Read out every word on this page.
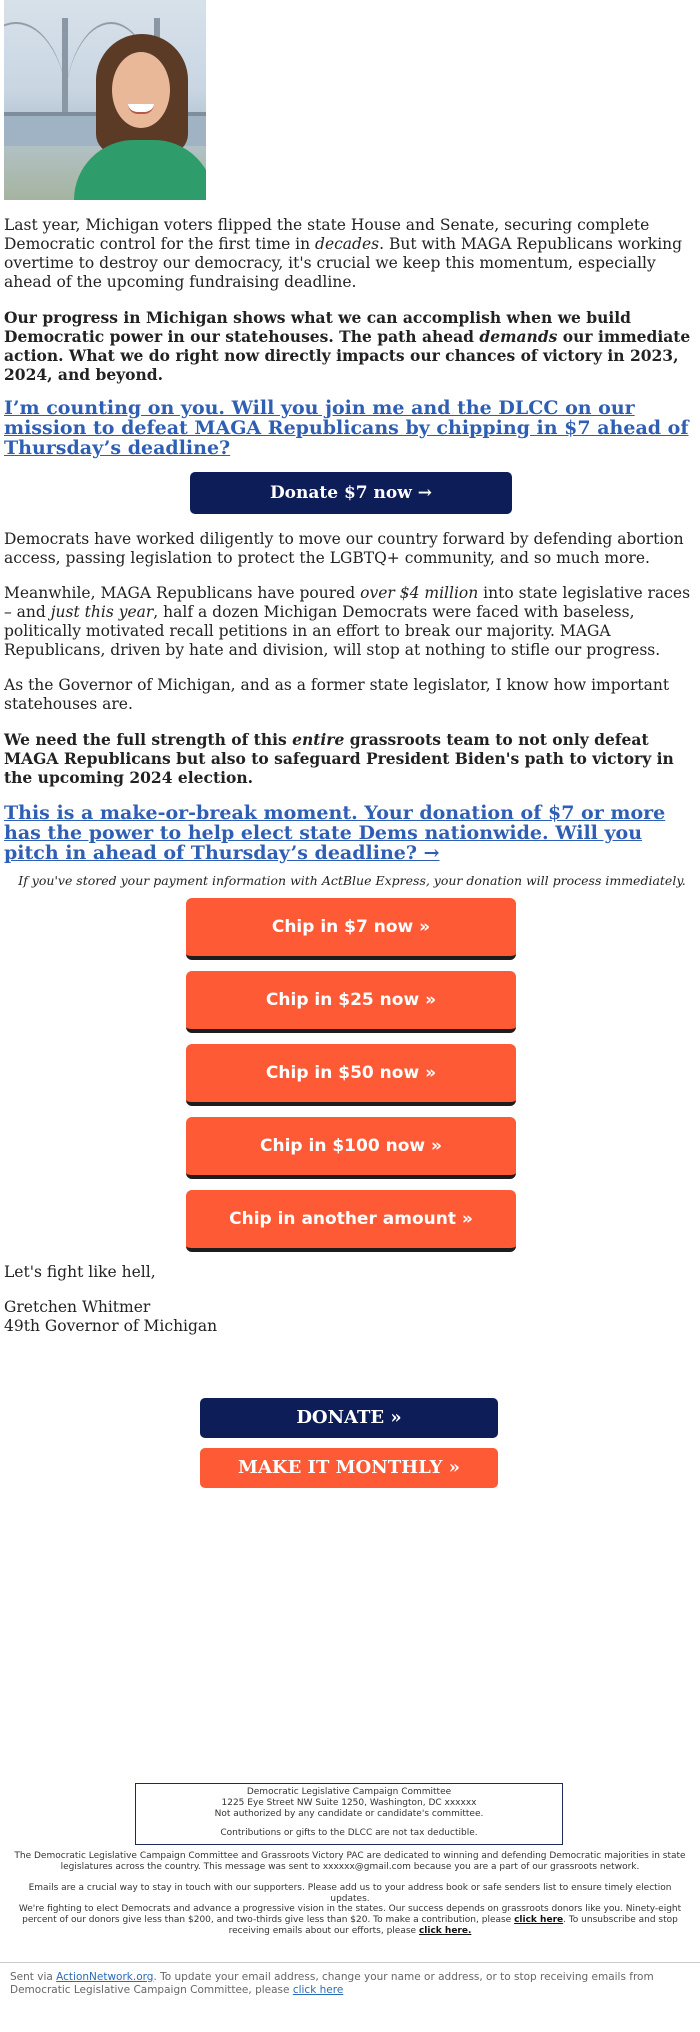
Last year, Michigan voters flipped the state House and Senate, securing complete Democratic control for the first time in decades. But with MAGA Republicans working overtime to destroy our democracy, it's crucial we keep this momentum, especially ahead of the upcoming fundraising deadline.

Our progress in Michigan shows what we can accomplish when we build Democratic power in our statehouses. The path ahead demands our immediate action. What we do right now directly impacts our chances of victory in 2023, 2024, and beyond.

I’m counting on you. Will you join me and the DLCC on our mission to defeat MAGA Republicans by chipping in $7 ahead of Thursday’s deadline?
Donate $7 now →

Democrats have worked diligently to move our country forward by defending abortion access, passing legislation to protect the LGBTQ+ community, and so much more.

Meanwhile, MAGA Republicans have poured over $4 million into state legislative races – and just this year, half a dozen Michigan Democrats were faced with baseless, politically motivated recall petitions in an effort to break our majority. MAGA Republicans, driven by hate and division, will stop at nothing to stifle our progress.

As the Governor of Michigan, and as a former state legislator, I know how important statehouses are.

We need the full strength of this entire grassroots team to not only defeat MAGA Republicans but also to safeguard President Biden's path to victory in the upcoming 2024 election.

This is a make-or-break moment. Your donation of $7 or more has the power to help elect state Dems nationwide. Will you pitch in ahead of Thursday’s deadline? →
If you've stored your payment information with ActBlue Express, your donation will process immediately.
Chip in $7 now »
Chip in $25 now »
Chip in $50 now »
Chip in $100 now »
Chip in another amount »
Let's fight like hell,
Gretchen Whitmer
49th Governor of Michigan
DONATE »
MAKE IT MONTHLY »
Democratic Legislative Campaign Committee
1225 Eye Street NW Suite 1250, Washington, DC xxxxxx
Not authorized by any candidate or candidate's committee.
Contributions or gifts to the DLCC are not tax deductible.
The Democratic Legislative Campaign Committee and Grassroots Victory PAC are dedicated to winning and defending Democratic majorities in state legislatures across the country. This message was sent to xxxxxx@gmail.com because you are a part of our grassroots network.
Emails are a crucial way to stay in touch with our supporters. Please add us to your address book or safe senders list to ensure timely election updates.
We're fighting to elect Democrats and advance a progressive vision in the states. Our success depends on grassroots donors like you. Ninety-eight percent of our donors give less than $200, and two-thirds give less than $20. To make a contribution, please click here. To unsubscribe and stop receiving emails about our efforts, please click here.
Sent via ActionNetwork.org. To update your email address, change your name or address, or to stop receiving emails from Democratic Legislative Campaign Committee, please click here
